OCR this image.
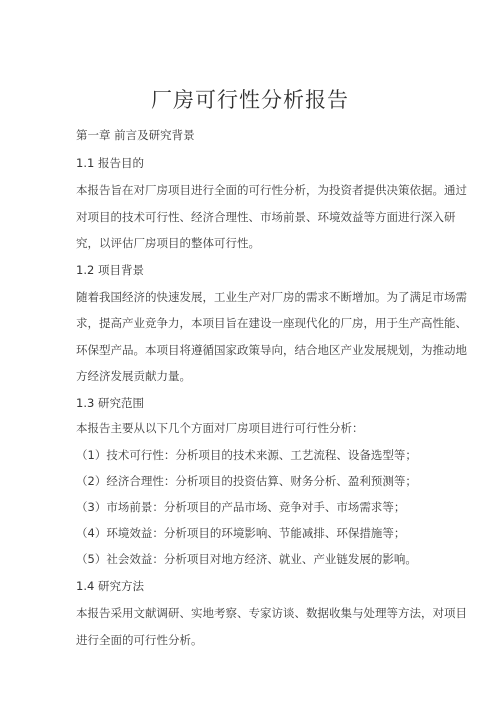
厂房可行性分析报告

第一章 前言及研究背景

1.1 报告目的

本报告旨在对厂房项目进行全面的可行性分析，为投资者提供决策依据。通过

对项目的技术可行性、经济合理性、市场前景、环境效益等方面进行深入研

究，以评估厂房项目的整体可行性。

1.2 项目背景

随着我国经济的快速发展，工业生产对厂房的需求不断增加。为了满足市场需

求，提高产业竞争力，本项目旨在建设一座现代化的厂房，用于生产高性能、

环保型产品。本项目将遵循国家政策导向，结合地区产业发展规划，为推动地

方经济发展贡献力量。

1.3 研究范围

本报告主要从以下几个方面对厂房项目进行可行性分析：

（1）技术可行性：分析项目的技术来源、工艺流程、设备选型等；

（2）经济合理性：分析项目的投资估算、财务分析、盈利预测等；

（3）市场前景：分析项目的产品市场、竞争对手、市场需求等；

（4）环境效益：分析项目的环境影响、节能减排、环保措施等；

（5）社会效益：分析项目对地方经济、就业、产业链发展的影响。

1.4 研究方法

本报告采用文献调研、实地考察、专家访谈、数据收集与处理等方法，对项目

进行全面的可行性分析。
